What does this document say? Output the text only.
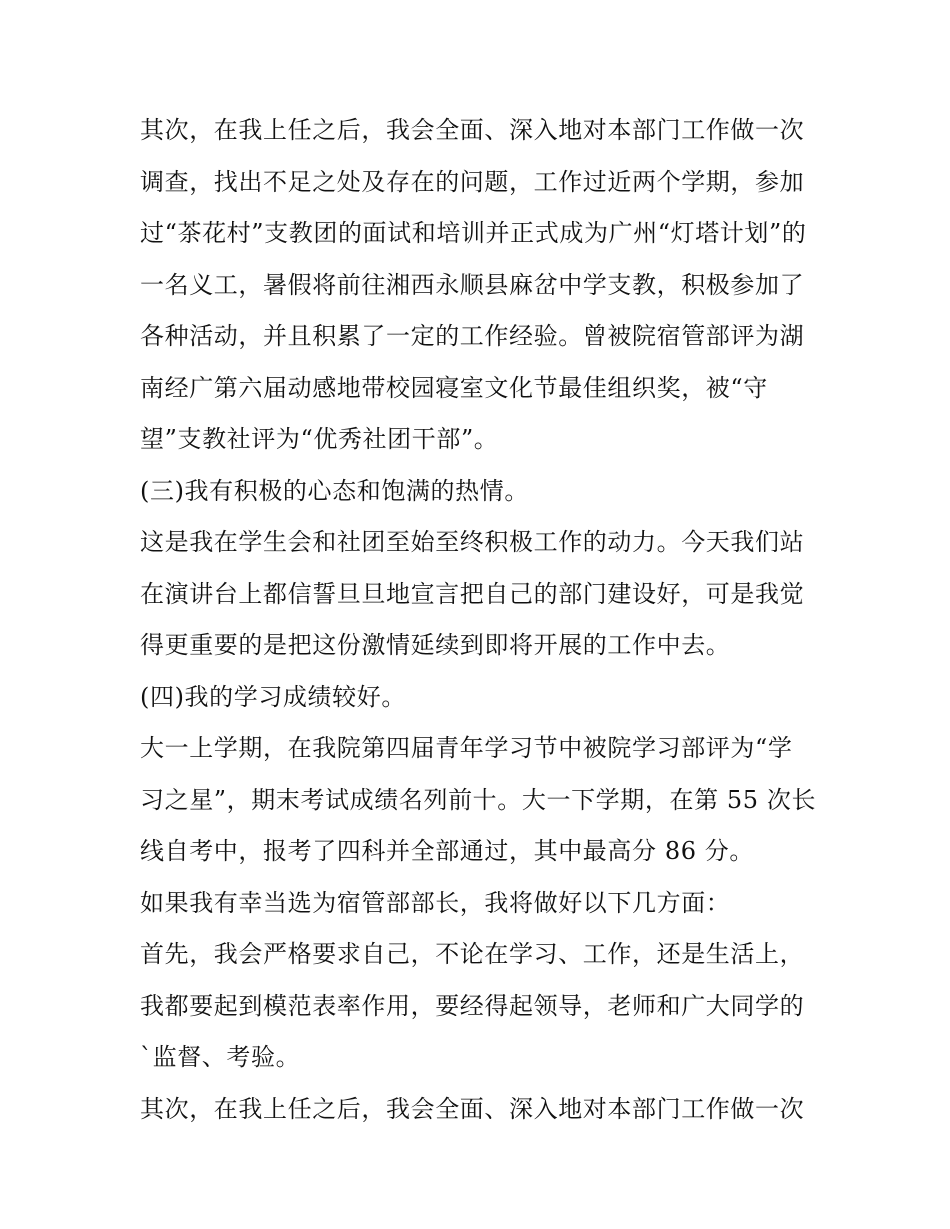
其次，在我上任之后，我会全面、深入地对本部门工作做一次
调查，找出不足之处及存在的问题，工作过近两个学期，参加
过“茶花村”支教团的面试和培训并正式成为广州“灯塔计划”的
一名义工，暑假将前往湘西永顺县麻岔中学支教，积极参加了
各种活动，并且积累了一定的工作经验。曾被院宿管部评为湖
南经广第六届动感地带校园寝室文化节最佳组织奖，被“守
望”支教社评为“优秀社团干部”。
(三)我有积极的心态和饱满的热情。
这是我在学生会和社团至始至终积极工作的动力。今天我们站
在演讲台上都信誓旦旦地宣言把自己的部门建设好，可是我觉
得更重要的是把这份激情延续到即将开展的工作中去。
(四)我的学习成绩较好。
大一上学期，在我院第四届青年学习节中被院学习部评为“学
习之星”，期末考试成绩名列前十。大一下学期，在第 55 次长
线自考中，报考了四科并全部通过，其中最高分 86 分。
如果我有幸当选为宿管部部长，我将做好以下几方面：
首先，我会严格要求自己，不论在学习、工作，还是生活上，
我都要起到模范表率作用，要经得起领导，老师和广大同学的
`监督、考验。
其次，在我上任之后，我会全面、深入地对本部门工作做一次
